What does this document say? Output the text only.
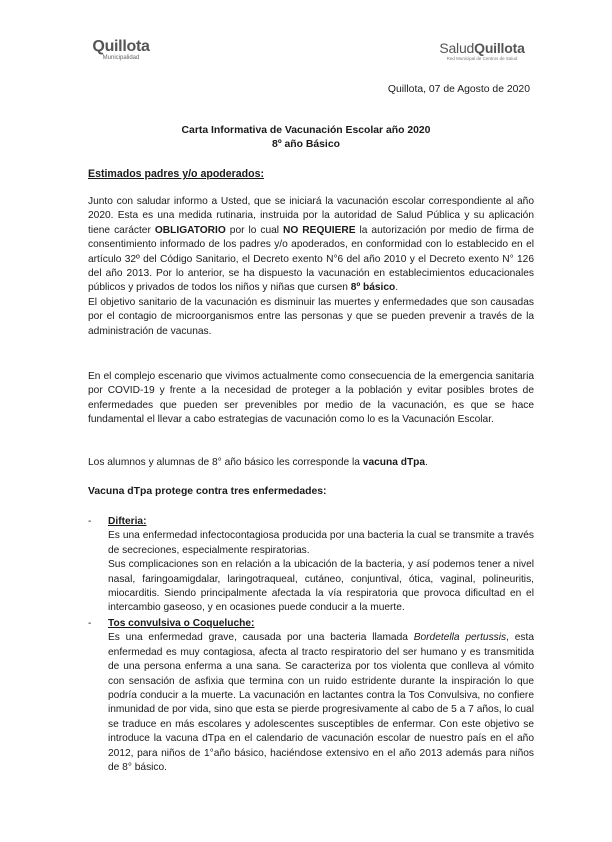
Quillota
Municipalidad
SaludQuillota
Red Municipal de Centros de Salud
Quillota, 07 de Agosto de 2020
Carta Informativa de Vacunación Escolar año 2020
8º año Básico
Estimados padres y/o apoderados:

Junto con saludar informo a Usted, que se iniciará la vacunación escolar correspondiente al año 2020. Esta es una medida rutinaria, instruida por la autoridad de Salud Pública y su aplicación tiene carácter OBLIGATORIO por lo cual NO REQUIERE la autorización por medio de firma de consentimiento informado de los padres y/o apoderados, en conformidad con lo establecido en el artículo 32º del Código Sanitario, el Decreto exento N°6 del año 2010 y el Decreto exento N° 126 del año 2013. Por lo anterior, se ha dispuesto la vacunación en establecimientos educacionales públicos y privados de todos los niños y niñas que cursen 8º básico.
El objetivo sanitario de la vacunación es disminuir las muertes y enfermedades que son causadas por el contagio de microorganismos entre las personas y que se pueden prevenir a través de la administración de vacunas.

En el complejo escenario que vivimos actualmente como consecuencia de la emergencia sanitaria por COVID-19 y frente a la necesidad de proteger a la población y evitar posibles brotes de enfermedades que pueden ser prevenibles por medio de la vacunación, es que se hace fundamental el llevar a cabo estrategias de vacunación como lo es la Vacunación Escolar.

Los alumnos y alumnas de 8° año básico les corresponde la vacuna dTpa.

Vacuna dTpa protege contra tres enfermedades:
- Difteria:

Es una enfermedad infectocontagiosa producida por una bacteria la cual se transmite a través de secreciones, especialmente respiratorias.

Sus complicaciones son en relación a la ubicación de la bacteria, y así podemos tener a nivel nasal, faringoamigdalar, laringotraqueal, cutáneo, conjuntival, ótica, vaginal, polineuritis, miocarditis. Siendo principalmente afectada la vía respiratoria que provoca dificultad en el intercambio gaseoso, y en ocasiones puede conducir a la muerte.

- Tos convulsiva o Coqueluche:

Es una enfermedad grave, causada por una bacteria llamada Bordetella pertussis, esta enfermedad es muy contagiosa, afecta al tracto respiratorio del ser humano y es transmitida de una persona enferma a una sana. Se caracteriza por tos violenta que conlleva al vómito con sensación de asfixia que termina con un ruido estridente durante la inspiración lo que podría conducir a la muerte. La vacunación en lactantes contra la Tos Convulsiva, no confiere inmunidad de por vida, sino que esta se pierde progresivamente al cabo de 5 a 7 años, lo cual se traduce en más escolares y adolescentes susceptibles de enfermar. Con este objetivo se introduce la vacuna dTpa en el calendario de vacunación escolar de nuestro país en el año 2012, para niños de 1°año básico, haciéndose extensivo en el año 2013 además para niños de 8° básico.
